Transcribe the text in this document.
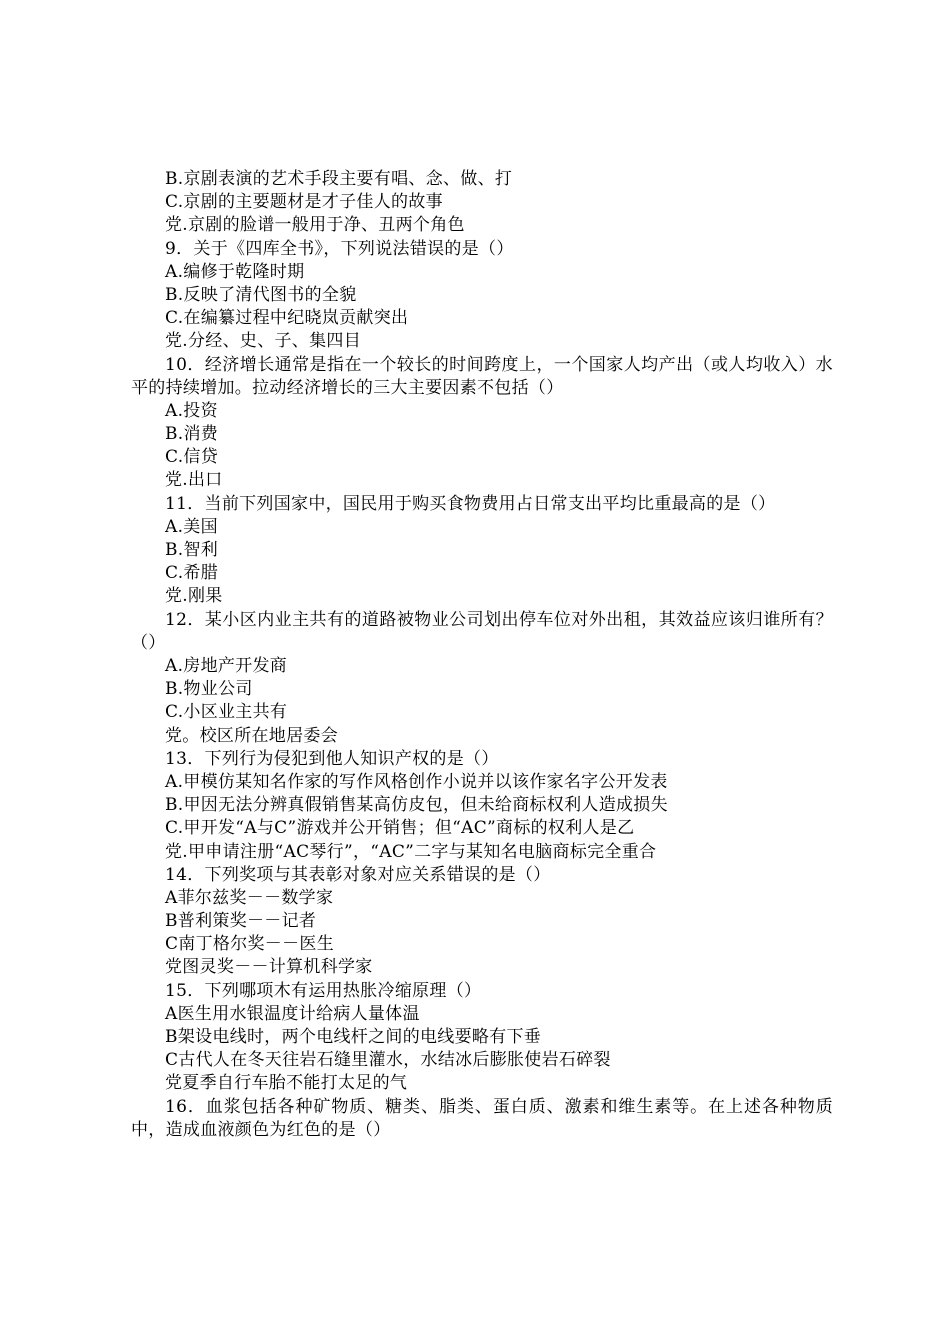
B.京剧表演的艺术手段主要有唱、念、做、打
C.京剧的主要题材是才子佳人的故事
党.京剧的脸谱一般用于净、丑两个角色
9．关于《四库全书》，下列说法错误的是（）
A.编修于乾隆时期
B.反映了清代图书的全貌
C.在编纂过程中纪晓岚贡献突出
党.分经、史、子、集四目
10．经济增长通常是指在一个较长的时间跨度上，一个国家人均产出（或人均收入）水平的持续增加。拉动经济增长的三大主要因素不包括（）
A.投资
B.消费
C.信贷
党.出口
11．当前下列国家中，国民用于购买食物费用占日常支出平均比重最高的是（）
A.美国
B.智利
C.希腊
党.刚果
12．某小区内业主共有的道路被物业公司划出停车位对外出租，其效益应该归谁所有？（）
A.房地产开发商
B.物业公司
C.小区业主共有
党。校区所在地居委会
13．下列行为侵犯到他人知识产权的是（）
A.甲模仿某知名作家的写作风格创作小说并以该作家名字公开发表
B.甲因无法分辨真假销售某高仿皮包，但未给商标权利人造成损失
C.甲开发“A与C”游戏并公开销售；但“AC”商标的权利人是乙
党.甲申请注册“AC琴行”，“AC”二字与某知名电脑商标完全重合
14．下列奖项与其表彰对象对应关系错误的是（）
A菲尔兹奖－－数学家
B普利策奖－－记者
C南丁格尔奖－－医生
党图灵奖－－计算机科学家
15．下列哪项木有运用热胀冷缩原理（）
A医生用水银温度计给病人量体温
B架设电线时，两个电线杆之间的电线要略有下垂
C古代人在冬天往岩石缝里灌水，水结冰后膨胀使岩石碎裂
党夏季自行车胎不能打太足的气
16．血浆包括各种矿物质、糖类、脂类、蛋白质、激素和维生素等。在上述各种物质中，造成血液颜色为红色的是（）
